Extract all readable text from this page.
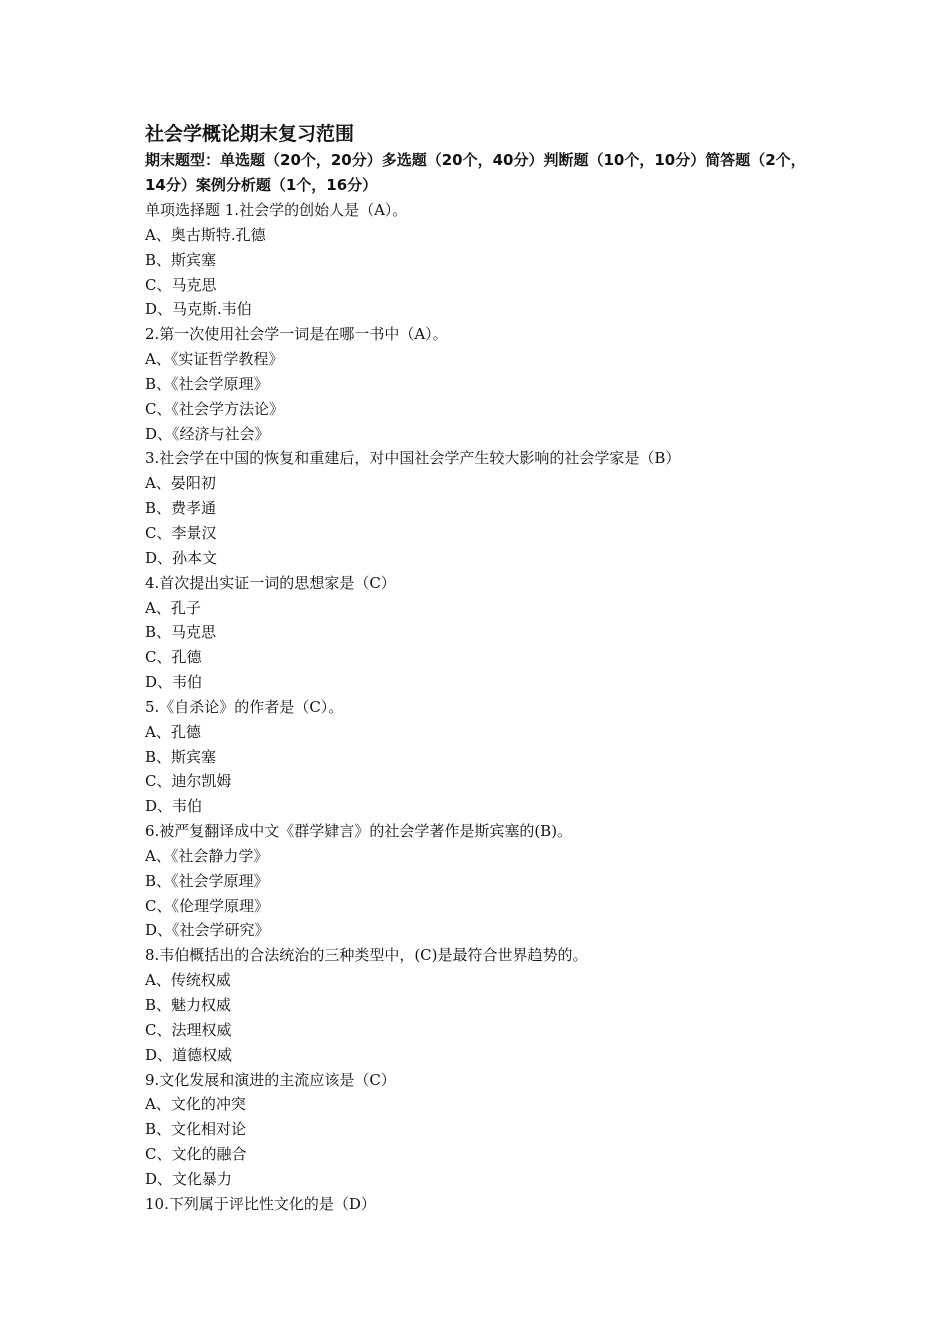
社会学概论期末复习范围

期末题型：单选题（20个，20分）多选题（20个，40分）判断题（10个，10分）简答题（2个，14分）案例分析题（1个，16分）

单项选择题 1.社会学的创始人是（A）。

A、奥古斯特.孔德

B、斯宾塞

C、马克思

D、马克斯.韦伯

2.第一次使用社会学一词是在哪一书中（A）。

A、《实证哲学教程》

B、《社会学原理》

C、《社会学方法论》

D、《经济与社会》

3.社会学在中国的恢复和重建后，对中国社会学产生较大影响的社会学家是（B）

A、晏阳初

B、费孝通

C、李景汉

D、孙本文

4.首次提出实证一词的思想家是（C）

A、孔子

B、马克思

C、孔德

D、韦伯

5.《自杀论》的作者是（C）。

A、孔德

B、斯宾塞

C、迪尔凯姆

D、韦伯

6.被严复翻译成中文《群学肄言》的社会学著作是斯宾塞的(B)。

A、《社会静力学》

B、《社会学原理》

C、《伦理学原理》

D、《社会学研究》

8.韦伯概括出的合法统治的三种类型中，(C)是最符合世界趋势的。

A、传统权威

B、魅力权威

C、法理权威

D、道德权威

9.文化发展和演进的主流应该是（C）

A、文化的冲突

B、文化相对论

C、文化的融合

D、文化暴力

10.下列属于评比性文化的是（D）
